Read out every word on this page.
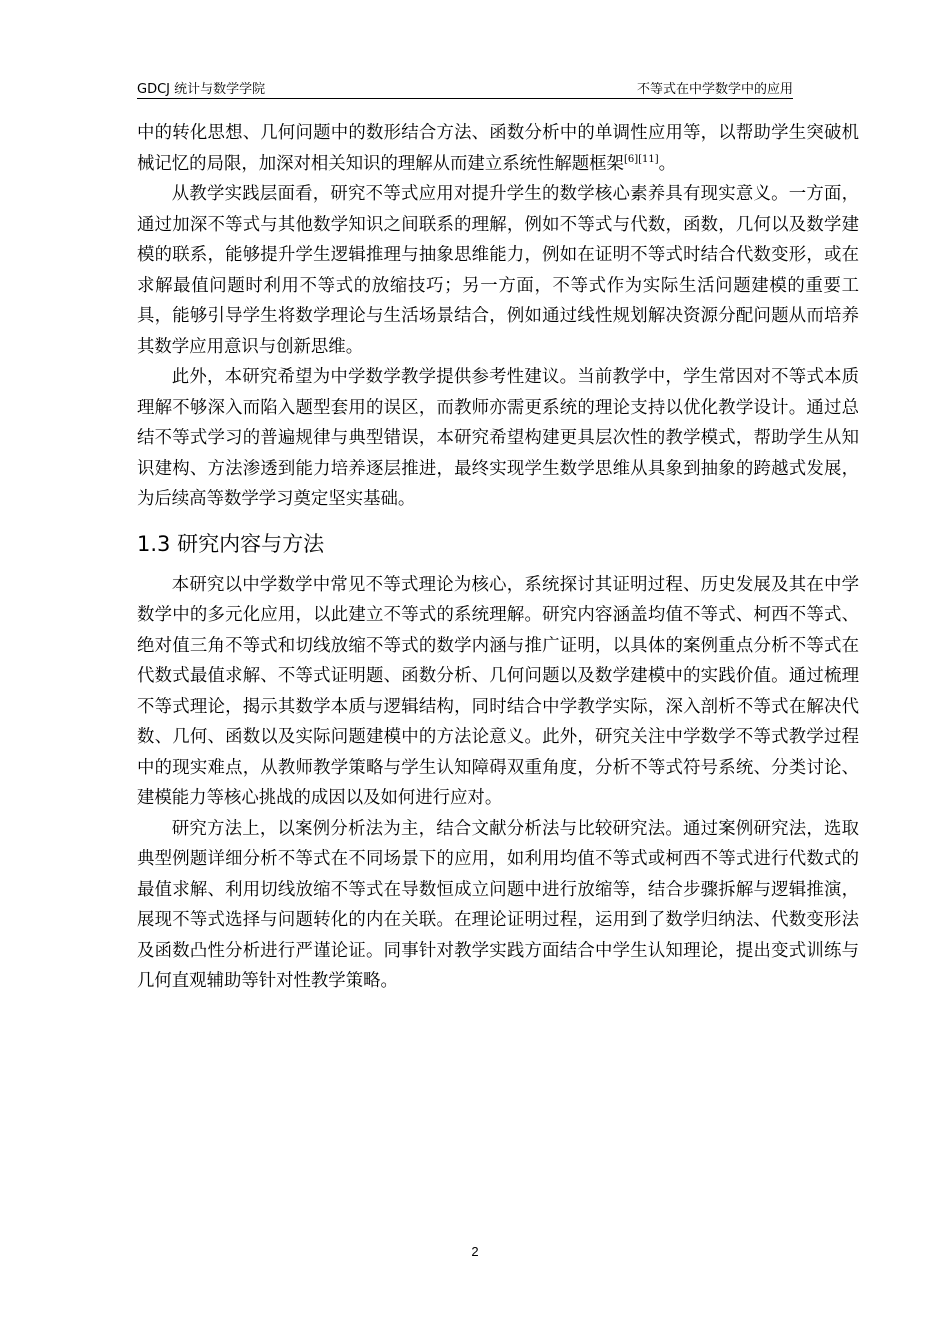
GDCJ 统计与数学学院	不等式在中学数学中的应用

中的转化思想、几何问题中的数形结合方法、函数分析中的单调性应用等，以帮助学生突破机械记忆的局限，加深对相关知识的理解从而建立系统性解题框架[6][11]。

从教学实践层面看，研究不等式应用对提升学生的数学核心素养具有现实意义。一方面，通过加深不等式与其他数学知识之间联系的理解，例如不等式与代数，函数，几何以及数学建模的联系，能够提升学生逻辑推理与抽象思维能力，例如在证明不等式时结合代数变形，或在求解最值问题时利用不等式的放缩技巧；另一方面，不等式作为实际生活问题建模的重要工具，能够引导学生将数学理论与生活场景结合，例如通过线性规划解决资源分配问题从而培养其数学应用意识与创新思维。

此外，本研究希望为中学数学教学提供参考性建议。当前教学中，学生常因对不等式本质理解不够深入而陷入题型套用的误区，而教师亦需更系统的理论支持以优化教学设计。通过总结不等式学习的普遍规律与典型错误，本研究希望构建更具层次性的教学模式，帮助学生从知识建构、方法渗透到能力培养逐层推进，最终实现学生数学思维从具象到抽象的跨越式发展，为后续高等数学学习奠定坚实基础。

1.3 研究内容与方法

本研究以中学数学中常见不等式理论为核心，系统探讨其证明过程、历史发展及其在中学数学中的多元化应用，以此建立不等式的系统理解。研究内容涵盖均值不等式、柯西不等式、绝对值三角不等式和切线放缩不等式的数学内涵与推广证明，以具体的案例重点分析不等式在代数式最值求解、不等式证明题、函数分析、几何问题以及数学建模中的实践价值。通过梳理不等式理论，揭示其数学本质与逻辑结构，同时结合中学教学实际，深入剖析不等式在解决代数、几何、函数以及实际问题建模中的方法论意义。此外，研究关注中学数学不等式教学过程中的现实难点，从教师教学策略与学生认知障碍双重角度，分析不等式符号系统、分类讨论、建模能力等核心挑战的成因以及如何进行应对。

研究方法上，以案例分析法为主，结合文献分析法与比较研究法。通过案例研究法，选取典型例题详细分析不等式在不同场景下的应用，如利用均值不等式或柯西不等式进行代数式的最值求解、利用切线放缩不等式在导数恒成立问题中进行放缩等，结合步骤拆解与逻辑推演，展现不等式选择与问题转化的内在关联。在理论证明过程，运用到了数学归纳法、代数变形法及函数凸性分析进行严谨论证。同事针对教学实践方面结合中学生认知理论，提出变式训练与几何直观辅助等针对性教学策略。

2
